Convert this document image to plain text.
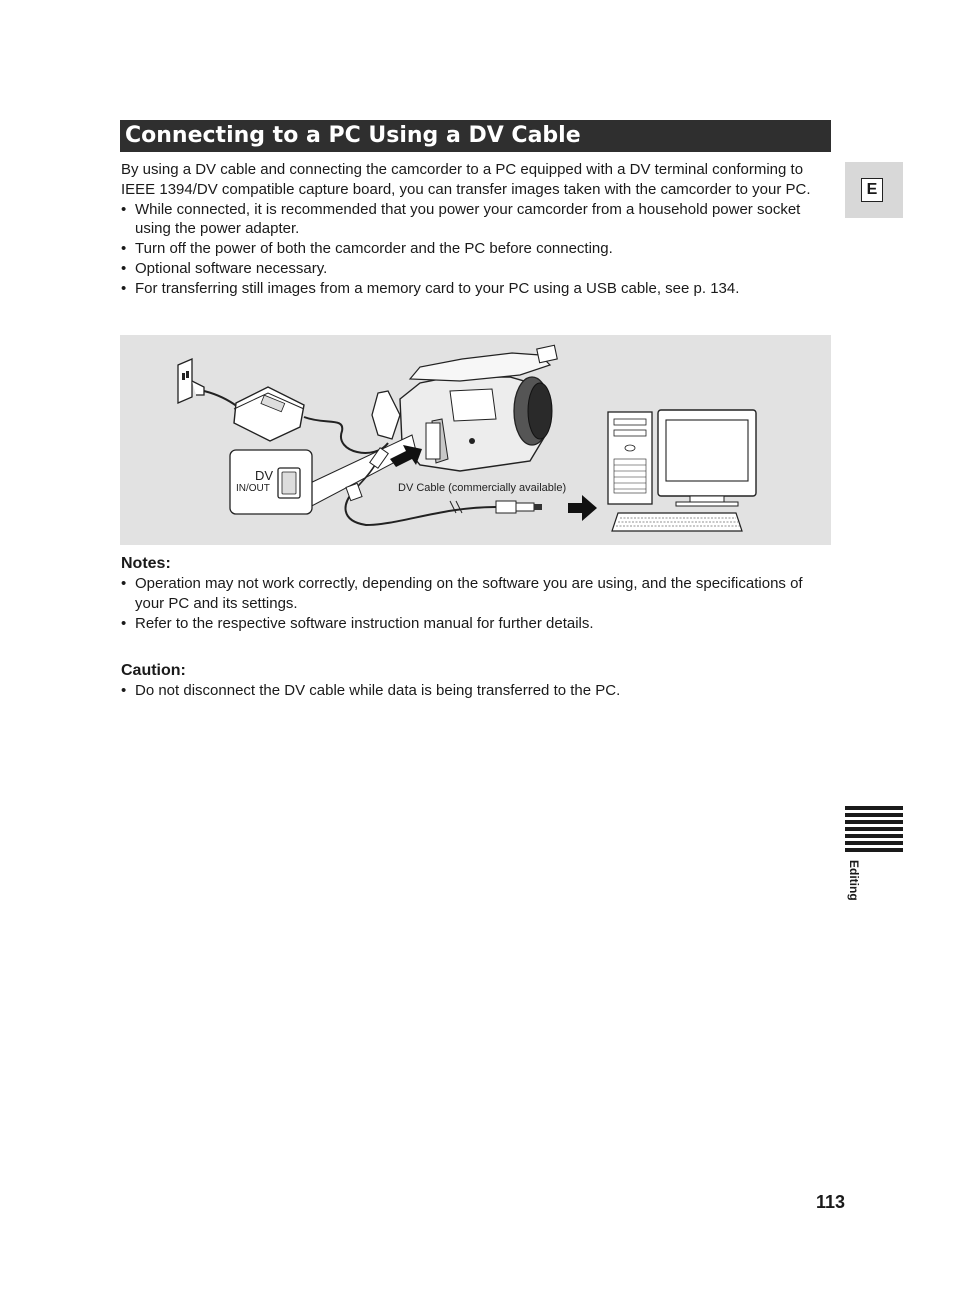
Connecting to a PC Using a DV Cable
E

By using a DV cable and connecting the camcorder to a PC equipped with a DV terminal conforming to IEEE 1394/DV compatible capture board, you can transfer images taken with the camcorder to your PC.

• While connected, it is recommended that you power your camcorder from a household power socket using the power adapter.
• Turn off the power of both the camcorder and the PC before connecting.
• Optional software necessary.
• For transferring still images from a memory card to your PC using a USB cable, see p. 134.
DV
IN/OUT	DV Cable (commercially available)
Notes:
• Operation may not work correctly, depending on the software you are using, and the specifications of your PC and its settings.
• Refer to the respective software instruction manual for further details.
Caution:
• Do not disconnect the DV cable while data is being transferred to the PC.
Editing
113
